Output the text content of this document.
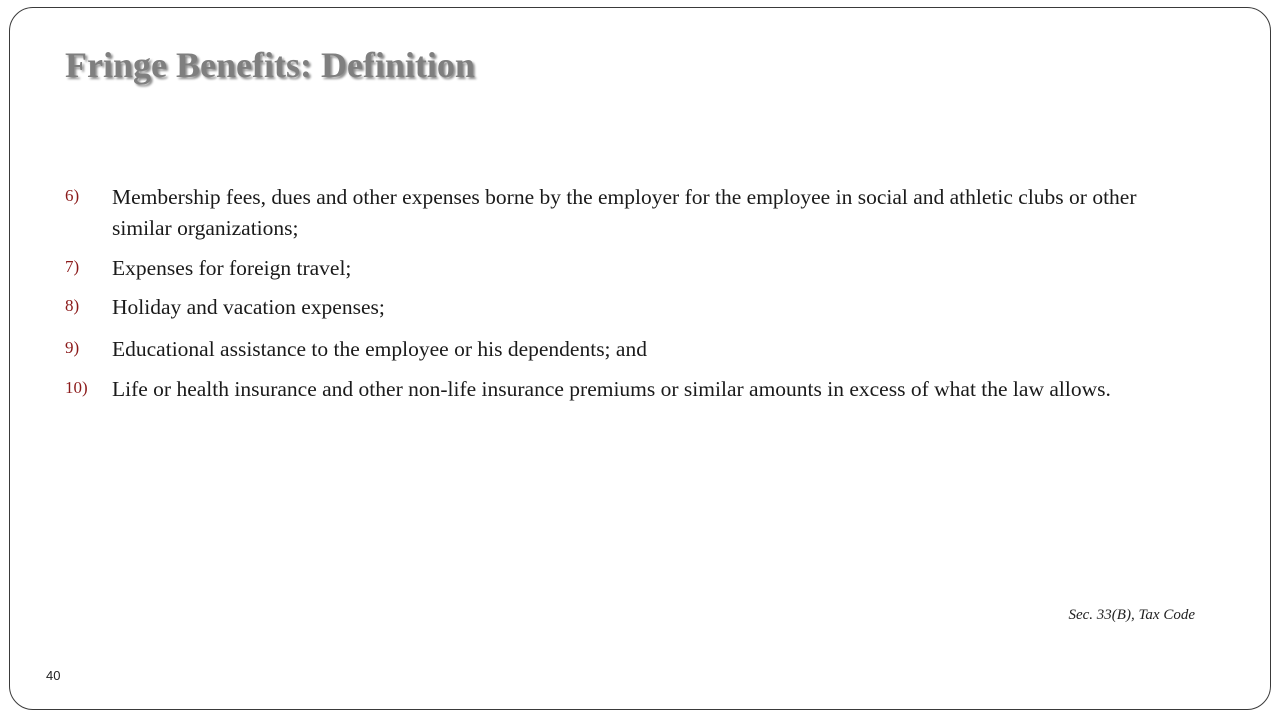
Fringe Benefits: Definition
6) Membership fees, dues and other expenses borne by the employer for the employee in social and athletic clubs or other similar organizations;
7) Expenses for foreign travel;
8) Holiday and vacation expenses;
9) Educational assistance to the employee or his dependents; and
10) Life or health insurance and other non-life insurance premiums or similar amounts in excess of what the law allows.
Sec. 33(B), Tax Code
40
